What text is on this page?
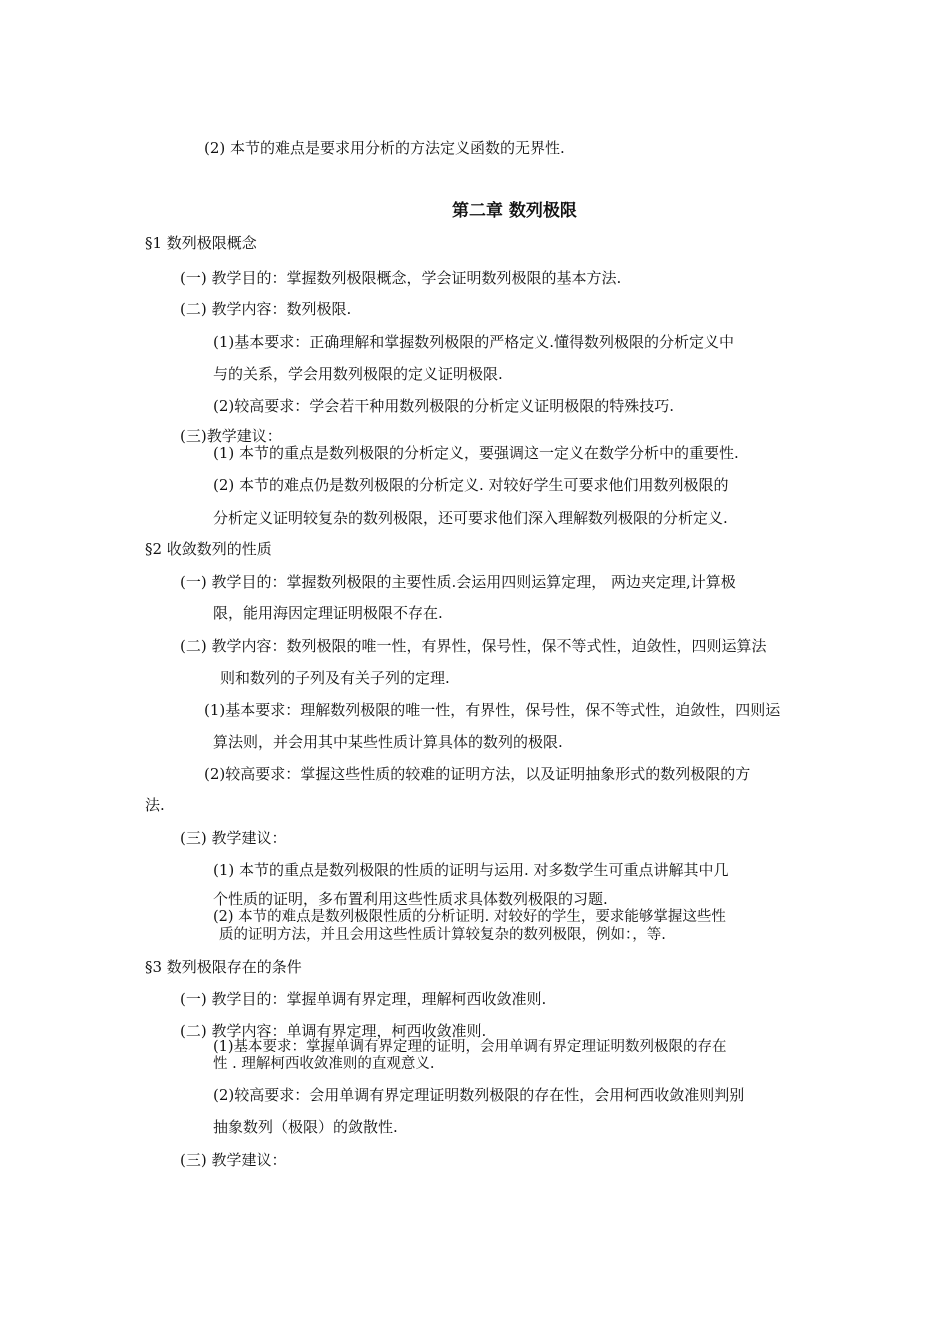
(2) 本节的难点是要求用分析的方法定义函数的无界性.
第二章 数列极限
§1 数列极限概念
(一) 教学目的：掌握数列极限概念，学会证明数列极限的基本方法.
(二) 教学内容：数列极限.
(1)基本要求：正确理解和掌握数列极限的严格定义.懂得数列极限的分析定义中
与的关系，学会用数列极限的定义证明极限.
(2)较高要求：学会若干种用数列极限的分析定义证明极限的特殊技巧.
(三)教学建议：
(1) 本节的重点是数列极限的分析定义，要强调这一定义在数学分析中的重要性.
(2) 本节的难点仍是数列极限的分析定义. 对较好学生可要求他们用数列极限的
分析定义证明较复杂的数列极限，还可要求他们深入理解数列极限的分析定义.
§2 收敛数列的性质
(一) 教学目的：掌握数列极限的主要性质.会运用四则运算定理， 两边夹定理,计算极
限，能用海因定理证明极限不存在.
(二) 教学内容：数列极限的唯一性，有界性，保号性，保不等式性，迫敛性，四则运算法
则和数列的子列及有关子列的定理.
(1)基本要求：理解数列极限的唯一性，有界性，保号性，保不等式性，迫敛性，四则运
算法则，并会用其中某些性质计算具体的数列的极限.
(2)较高要求：掌握这些性质的较难的证明方法，以及证明抽象形式的数列极限的方
法.
(三) 教学建议：
(1) 本节的重点是数列极限的性质的证明与运用. 对多数学生可重点讲解其中几
个性质的证明，多布置利用这些性质求具体数列极限的习题.
(2) 本节的难点是数列极限性质的分析证明. 对较好的学生，要求能够掌握这些性
质的证明方法，并且会用这些性质计算较复杂的数列极限，例如：，等.
§3 数列极限存在的条件
(一) 教学目的：掌握单调有界定理，理解柯西收敛准则.
(二) 教学内容：单调有界定理，柯西收敛准则.
(1)基本要求：掌握单调有界定理的证明，会用单调有界定理证明数列极限的存在
性 . 理解柯西收敛准则的直观意义.
(2)较高要求：会用单调有界定理证明数列极限的存在性，会用柯西收敛准则判别
抽象数列（极限）的敛散性.
(三) 教学建议：
